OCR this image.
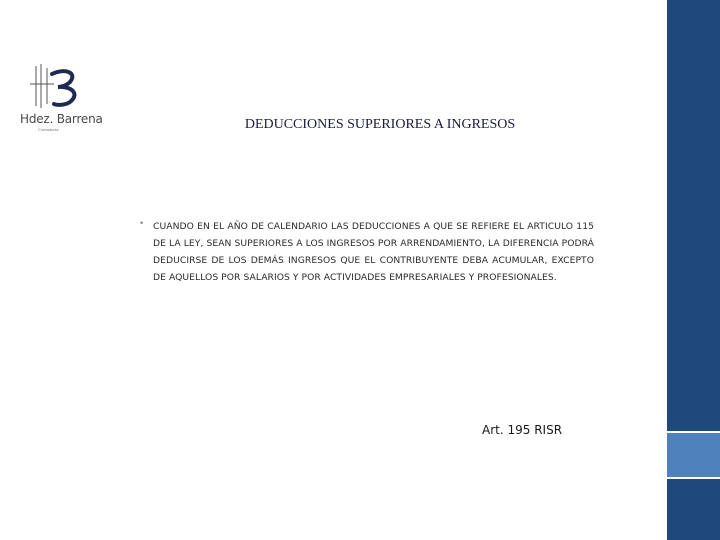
Hdez. Barrena
Contadores	DEDUCCIONES SUPERIORES A INGRESOS
• CUANDO EN EL AÑO DE CALENDARIO LAS DEDUCCIONES A QUE SE REFIERE EL ARTICULO 115 DE LA LEY, SEAN SUPERIORES A LOS INGRESOS POR ARRENDAMIENTO, LA DIFERENCIA PODRÁ DEDUCIRSE DE LOS DEMÁS INGRESOS QUE EL CONTRIBUYENTE DEBA ACUMULAR, EXCEPTO DE AQUELLOS POR SALARIOS Y POR ACTIVIDADES EMPRESARIALES Y PROFESIONALES.
Art. 195 RISR
